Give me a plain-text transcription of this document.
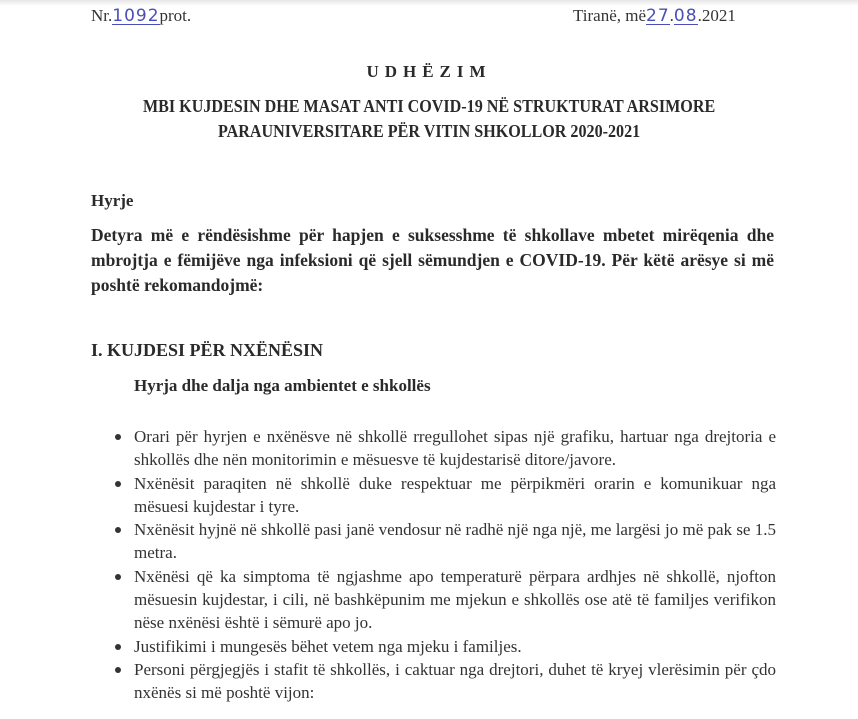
Nr.1092prot.	Tiranë, më27.08.2021
UDHËZIM
MBI KUJDESIN DHE MASAT ANTI COVID-19 NË STRUKTURAT ARSIMORE
PARAUNIVERSITARE PËR VITIN SHKOLLOR 2020-2021
Hyrje
Detyra më e rëndësishme për hapjen e suksesshme të shkollave mbetet mirëqenia dhe mbrojtja e fëmijëve nga infeksioni që sjell sëmundjen e COVID-19. Për këtë arësye si më poshtë rekomandojmë:
I. KUJDESI PËR NXËNËSIN
Hyrja dhe dalja nga ambientet e shkollës
Orari për hyrjen e nxënësve në shkollë rregullohet sipas një grafiku, hartuar nga drejtoria e shkollës dhe nën monitorimin e mësuesve të kujdestarisë ditore/javore.
Nxënësit paraqiten në shkollë duke respektuar me përpikmëri orarin e komunikuar nga mësuesi kujdestar i tyre.
Nxënësit hyjnë në shkollë pasi janë vendosur në radhë një nga një, me largësi jo më pak se 1.5 metra.
Nxënësi që ka simptoma të ngjashme apo temperaturë përpara ardhjes në shkollë, njofton mësuesin kujdestar, i cili, në bashkëpunim me mjekun e shkollës ose atë të familjes verifikon nëse nxënësi është i sëmurë apo jo.
Justifikimi i mungesës bëhet vetem nga mjeku i familjes.
Personi përgjegjës i stafit të shkollës, i caktuar nga drejtori, duhet të kryej vlerësimin për çdo nxënës si më poshtë vijon:
